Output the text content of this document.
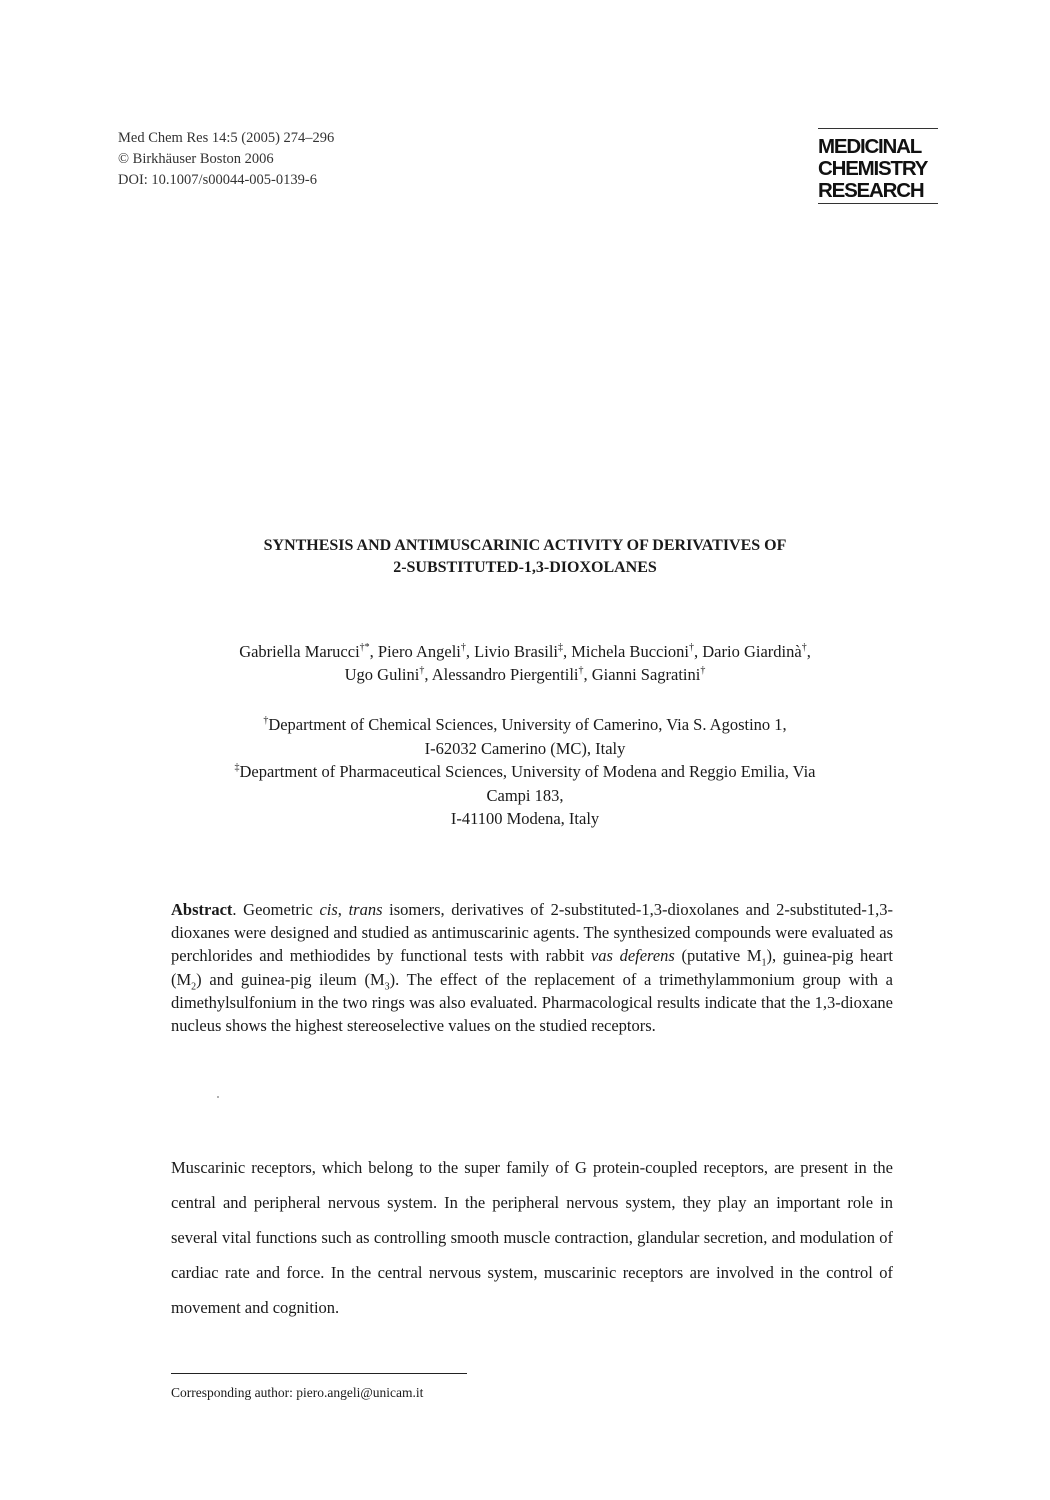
Med Chem Res 14:5 (2005) 274–296
© Birkhäuser Boston 2006
DOI: 10.1007/s00044-005-0139-6
MEDICINAL
CHEMISTRY
RESEARCH
SYNTHESIS AND ANTIMUSCARINIC ACTIVITY OF DERIVATIVES OF
2-SUBSTITUTED-1,3-DIOXOLANES
Gabriella Marucci†*, Piero Angeli†, Livio Brasili‡, Michela Buccioni†, Dario Giardinà†,
Ugo Gulini†, Alessandro Piergentili†, Gianni Sagratini†
†Department of Chemical Sciences, University of Camerino, Via S. Agostino 1,
I-62032 Camerino (MC), Italy
‡Department of Pharmaceutical Sciences, University of Modena and Reggio Emilia, Via
Campi 183,
I-41100 Modena, Italy
Abstract. Geometric cis, trans isomers, derivatives of 2-substituted-1,3-dioxolanes and 2-substituted-1,3-dioxanes were designed and studied as antimuscarinic agents. The synthesized compounds were evaluated as perchlorides and methiodides by functional tests with rabbit vas deferens (putative $M_1$), guinea-pig heart $(M_2)$ and guinea-pig ileum $(M_3)$. The effect of the replacement of a trimethylammonium group with a dimethylsulfonium in the two rings was also evaluated. Pharmacological results indicate that the 1,3-dioxane nucleus shows the highest stereoselective values on the studied receptors.
Muscarinic receptors, which belong to the super family of G protein-coupled receptors, are present in the central and peripheral nervous system. In the peripheral nervous system, they play an important role in several vital functions such as controlling smooth muscle contraction, glandular secretion, and modulation of cardiac rate and force. In the central nervous system, muscarinic receptors are involved in the control of movement and cognition.
Corresponding author: piero.angeli@unicam.it
